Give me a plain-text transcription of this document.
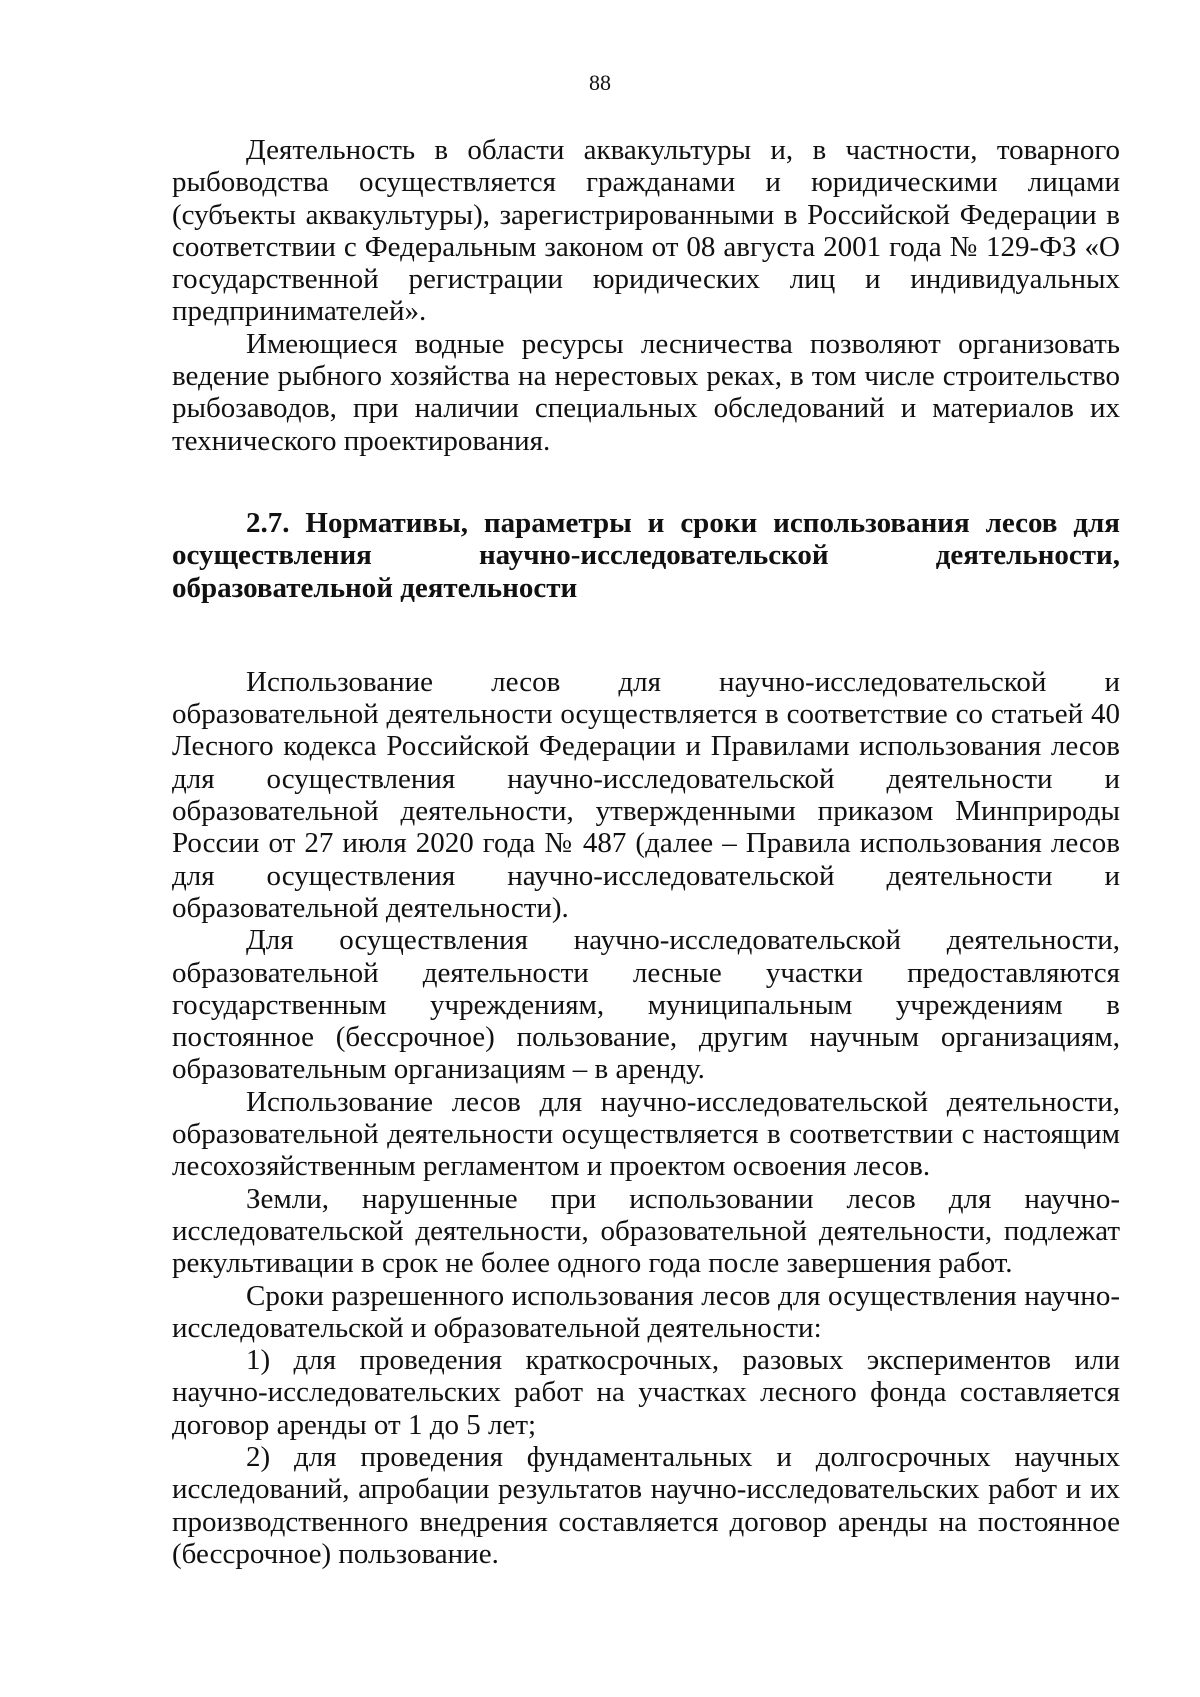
88

Деятельность в области аквакультуры и, в частности, товарного рыбоводства осуществляется гражданами и юридическими лицами (субъекты аквакультуры), зарегистрированными в Российской Федерации в соответствии с Федеральным законом от 08 августа 2001 года № 129-ФЗ «О государственной регистрации юридических лиц и индивидуальных предпринимателей».

Имеющиеся водные ресурсы лесничества позволяют организовать ведение рыбного хозяйства на нерестовых реках, в том числе строительство рыбозаводов, при наличии специальных обследований и материалов их технического проектирования.

2.7. Нормативы, параметры и сроки использования лесов для осуществления научно-исследовательской деятельности, образовательной деятельности

Использование лесов для научно-исследовательской и образовательной деятельности осуществляется в соответствие со статьей 40 Лесного кодекса Российской Федерации и Правилами использования лесов для осуществления научно-исследовательской деятельности и образовательной деятельности, утвержденными приказом Минприроды России от 27 июля 2020 года № 487 (далее – Правила использования лесов для осуществления научно-исследовательской деятельности и образовательной деятельности).

Для осуществления научно-исследовательской деятельности, образовательной деятельности лесные участки предоставляются государственным учреждениям, муниципальным учреждениям в постоянное (бессрочное) пользование, другим научным организациям, образовательным организациям – в аренду.

Использование лесов для научно-исследовательской деятельности, образовательной деятельности осуществляется в соответствии с настоящим лесохозяйственным регламентом и проектом освоения лесов.

Земли, нарушенные при использовании лесов для научно-исследовательской деятельности, образовательной деятельности, подлежат рекультивации в срок не более одного года после завершения работ.

Сроки разрешенного использования лесов для осуществления научно-исследовательской и образовательной деятельности:

1) для проведения краткосрочных, разовых экспериментов или научно-исследовательских работ на участках лесного фонда составляется договор аренды от 1 до 5 лет;

2) для проведения фундаментальных и долгосрочных научных исследований, апробации результатов научно-исследовательских работ и их производственного внедрения составляется договор аренды на постоянное (бессрочное) пользование.
